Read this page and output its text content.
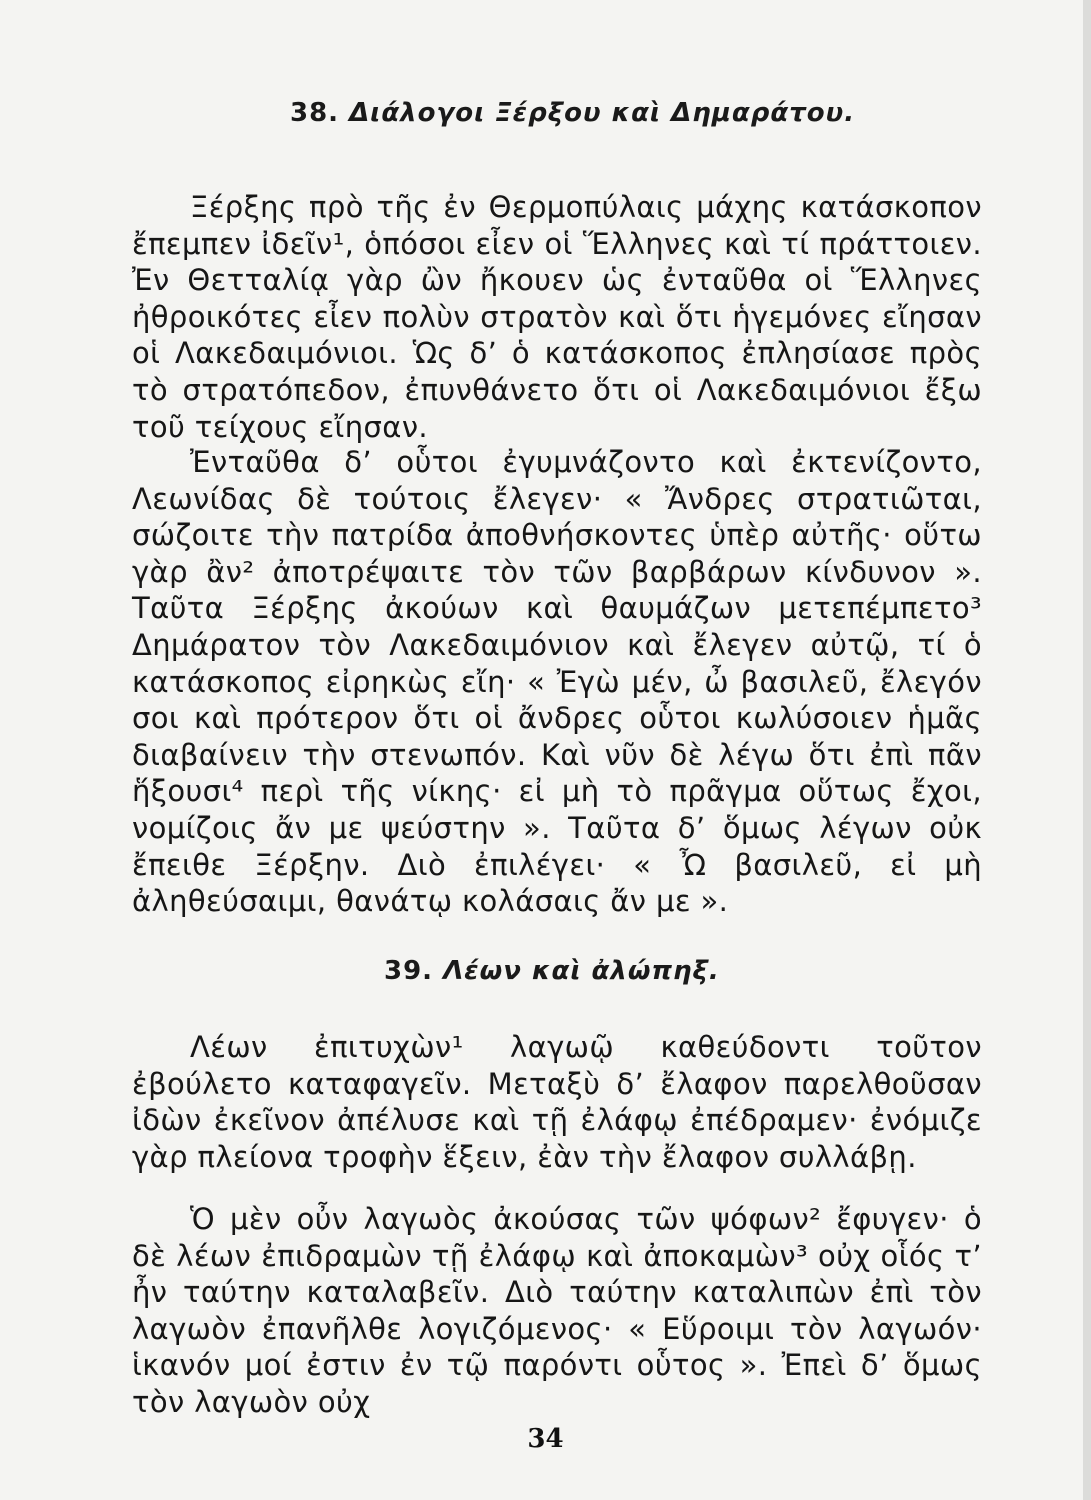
38. Διάλογοι Ξέρξου καὶ Δημαράτου.

Ξέρξης πρὸ τῆς ἐν Θερμοπύλαις μάχης κατάσκοπον ἔπεμπεν ἰδεῖν¹, ὁπόσοι εἶεν οἱ Ἕλληνες καὶ τί πράττοιεν. Ἐν Θετταλίᾳ γὰρ ὢν ἤκουεν ὡς ἐνταῦθα οἱ Ἕλληνες ἠθροικότες εἶεν πολὺν στρατὸν καὶ ὅτι ἡγεμόνες εἴησαν οἱ Λακεδαιμόνιοι. Ὡς δ’ ὁ κατάσκοπος ἐπλησίασε πρὸς τὸ στρατόπεδον, ἐπυνθάνετο ὅτι οἱ Λακεδαιμόνιοι ἔξω τοῦ τείχους εἴησαν.

Ἐνταῦθα δ’ οὗτοι ἐγυμνάζοντο καὶ ἐκτενίζοντο, Λεωνίδας δὲ τούτοις ἔλεγεν· « Ἄνδρες στρατιῶται, σώζοιτε τὴν πατρίδα ἀποθνήσκοντες ὑπὲρ αὐτῆς· οὕτω γὰρ ἂν² ἀποτρέψαιτε τὸν τῶν βαρβάρων κίνδυνον ». Ταῦτα Ξέρξης ἀκούων καὶ θαυμάζων μετεπέμπετο³ Δημάρατον τὸν Λακεδαιμόνιον καὶ ἔλεγεν αὐτῷ, τί ὁ κατάσκοπος εἰρηκὼς εἴη· « Ἐγὼ μέν, ὦ βασιλεῦ, ἔλεγόν σοι καὶ πρότερον ὅτι οἱ ἄνδρες οὗτοι κωλύσοιεν ἡμᾶς διαβαίνειν τὴν στενωπόν. Καὶ νῦν δὲ λέγω ὅτι ἐπὶ πᾶν ἥξουσι⁴ περὶ τῆς νίκης· εἰ μὴ τὸ πρᾶγμα οὕτως ἔχοι, νομίζοις ἄν με ψεύστην ». Ταῦτα δ’ ὅμως λέγων οὐκ ἔπειθε Ξέρξην. Διὸ ἐπιλέγει· « Ὦ βασιλεῦ, εἰ μὴ ἀληθεύσαιμι, θανάτῳ κολάσαις ἄν με ».

39. Λέων καὶ ἀλώπηξ.

Λέων ἐπιτυχὼν¹ λαγωῷ καθεύδοντι τοῦτον ἐβούλετο καταφαγεῖν. Μεταξὺ δ’ ἔλαφον παρελθοῦσαν ἰδὼν ἐκεῖνον ἀπέλυσε καὶ τῇ ἐλάφῳ ἐπέδραμεν· ἐνόμιζε γὰρ πλείονα τροφὴν ἕξειν, ἐὰν τὴν ἔλαφον συλλάβῃ.

Ὁ μὲν οὖν λαγωὸς ἀκούσας τῶν ψόφων² ἔφυγεν· ὁ δὲ λέων ἐπιδραμὼν τῇ ἐλάφῳ καὶ ἀποκαμὼν³ οὐχ οἷός τ’ ἦν ταύτην καταλαβεῖν. Διὸ ταύτην καταλιπὼν ἐπὶ τὸν λαγωὸν ἐπανῆλθε λογιζόμενος· « Εὕροιμι τὸν λαγωόν· ἱκανόν μοί ἐστιν ἐν τῷ παρόντι οὗτος ». Ἐπεὶ δ’ ὅμως τὸν λαγωὸν οὐχ

34
